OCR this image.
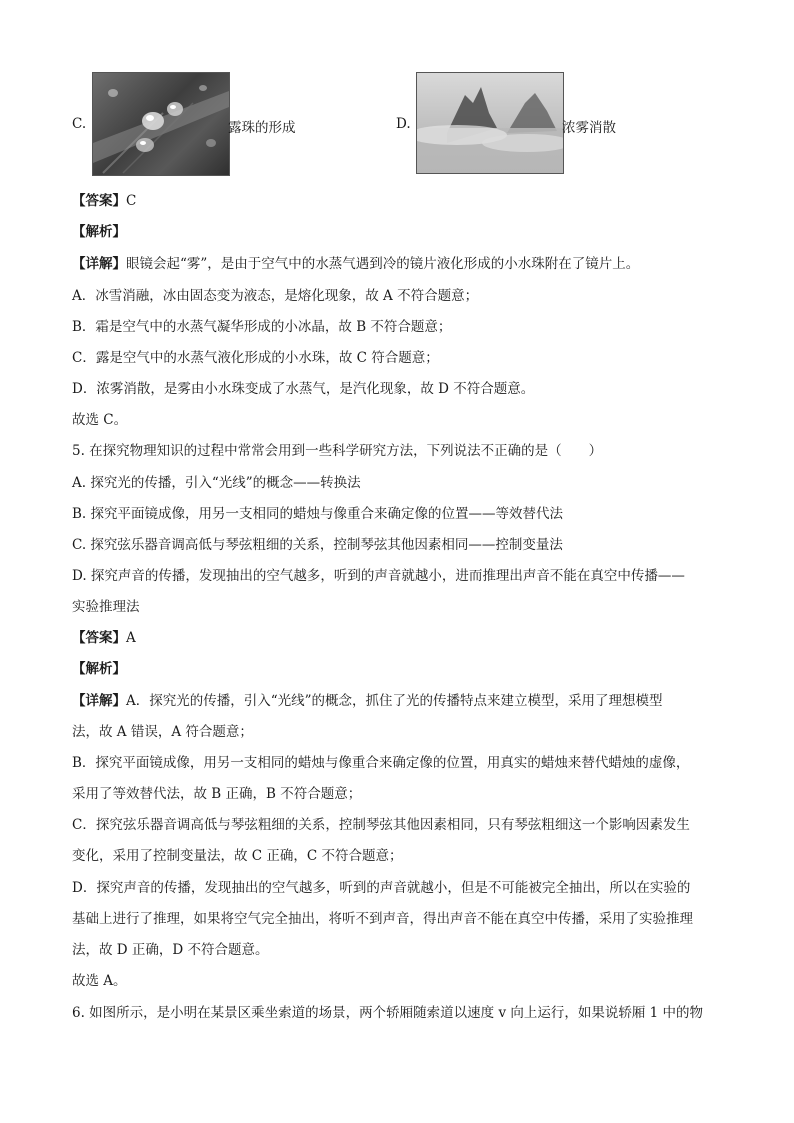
C.	露珠的形成	D.	浓雾消散
【答案】C
【解析】
【详解】眼镜会起“雾”，是由于空气中的水蒸气遇到冷的镜片液化形成的小水珠附在了镜片上。
A．冰雪消融，冰由固态变为液态，是熔化现象，故 A 不符合题意；
B．霜是空气中的水蒸气凝华形成的小冰晶，故 B 不符合题意；
C．露是空气中的水蒸气液化形成的小水珠，故 C 符合题意；
D．浓雾消散，是雾由小水珠变成了水蒸气，是汽化现象，故 D 不符合题意。
故选 C。
5. 在探究物理知识的过程中常常会用到一些科学研究方法，下列说法不正确的是（　　）
A. 探究光的传播，引入“光线”的概念——转换法
B. 探究平面镜成像，用另一支相同的蜡烛与像重合来确定像的位置——等效替代法
C. 探究弦乐器音调高低与琴弦粗细的关系，控制琴弦其他因素相同——控制变量法
D. 探究声音的传播，发现抽出的空气越多，听到的声音就越小，进而推理出声音不能在真空中传播——
实验推理法
【答案】A
【解析】
【详解】A．探究光的传播，引入“光线”的概念，抓住了光的传播特点来建立模型，采用了理想模型
法，故 A 错误，A 符合题意；
B．探究平面镜成像，用另一支相同的蜡烛与像重合来确定像的位置，用真实的蜡烛来替代蜡烛的虚像，
采用了等效替代法，故 B 正确，B 不符合题意；
C．探究弦乐器音调高低与琴弦粗细的关系，控制琴弦其他因素相同，只有琴弦粗细这一个影响因素发生
变化，采用了控制变量法，故 C 正确，C 不符合题意；
D．探究声音的传播，发现抽出的空气越多，听到的声音就越小，但是不可能被完全抽出，所以在实验的
基础上进行了推理，如果将空气完全抽出，将听不到声音，得出声音不能在真空中传播，采用了实验推理
法，故 D 正确，D 不符合题意。
故选 A。
6. 如图所示，是小明在某景区乘坐索道的场景，两个轿厢随索道以速度 v 向上运行，如果说轿厢 1 中的物
